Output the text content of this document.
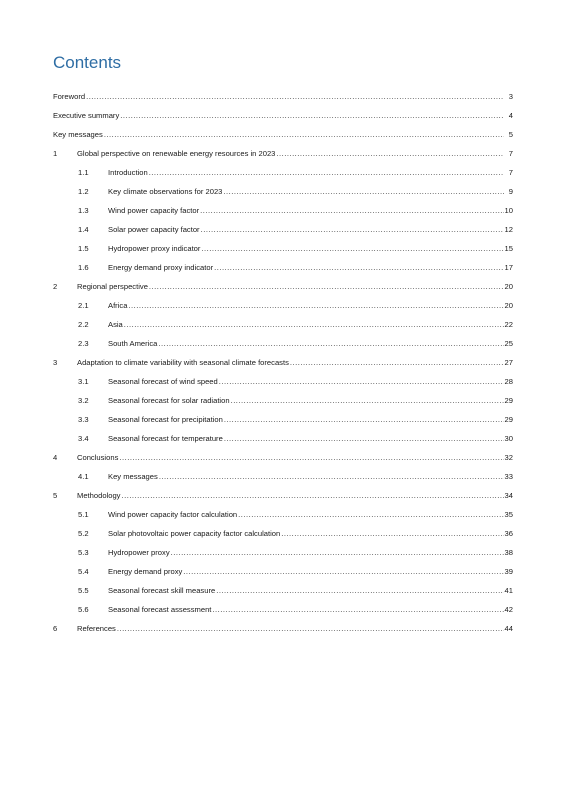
Contents
Foreword .....	3
Executive summary .....	4
Key messages .....	5
1	Global perspective on renewable energy resources in 2023 .....	7
1.1	Introduction .....	7
1.2	Key climate observations for 2023 .....	9
1.3	Wind power capacity factor .....	10
1.4	Solar power capacity factor .....	12
1.5	Hydropower proxy indicator .....	15
1.6	Energy demand proxy indicator .....	17
2	Regional perspective .....	20
2.1	Africa .....	20
2.2	Asia .....	22
2.3	South America .....	25
3	Adaptation to climate variability with seasonal climate forecasts .....	27
3.1	Seasonal forecast of wind speed .....	28
3.2	Seasonal forecast for solar radiation .....	29
3.3	Seasonal forecast for precipitation .....	29
3.4	Seasonal forecast for temperature .....	30
4	Conclusions .....	32
4.1	Key messages .....	33
5	Methodology .....	34
5.1	Wind power capacity factor calculation .....	35
5.2	Solar photovoltaic power capacity factor calculation .....	36
5.3	Hydropower proxy .....	38
5.4	Energy demand proxy .....	39
5.5	Seasonal forecast skill measure .....	41
5.6	Seasonal forecast assessment .....	42
6	References .....	44
